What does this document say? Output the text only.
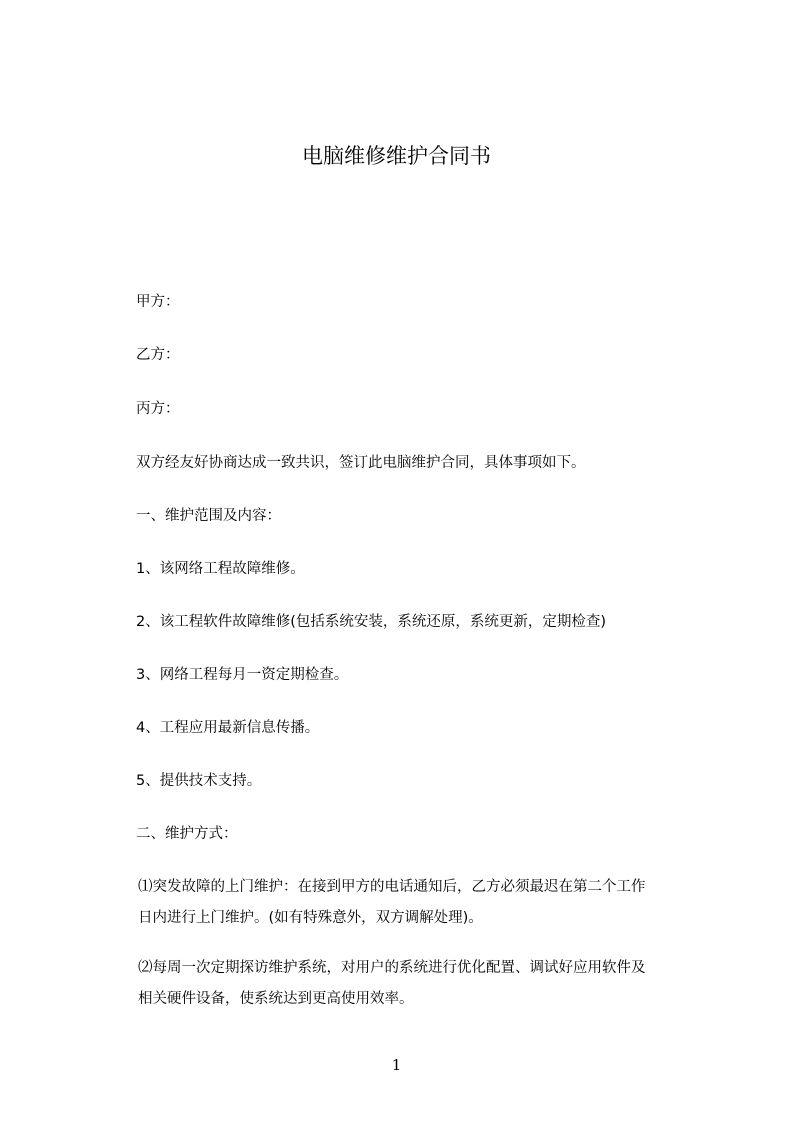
电脑维修维护合同书

甲方：

乙方：

丙方：

双方经友好协商达成一致共识，签订此电脑维护合同，具体事项如下。

一、维护范围及内容：

1、该网络工程故障维修。

2、该工程软件故障维修(包括系统安装，系统还原，系统更新，定期检查)

3、网络工程每月一资定期检查。

4、工程应用最新信息传播。

5、提供技术支持。

二、维护方式：

⑴突发故障的上门维护：在接到甲方的电话通知后，乙方必须最迟在第二个工作
日内进行上门维护。(如有特殊意外，双方调解处理)。
⑵每周一次定期探访维护系统，对用户的系统进行优化配置、调试好应用软件及
相关硬件设备，使系统达到更高使用效率。
1
